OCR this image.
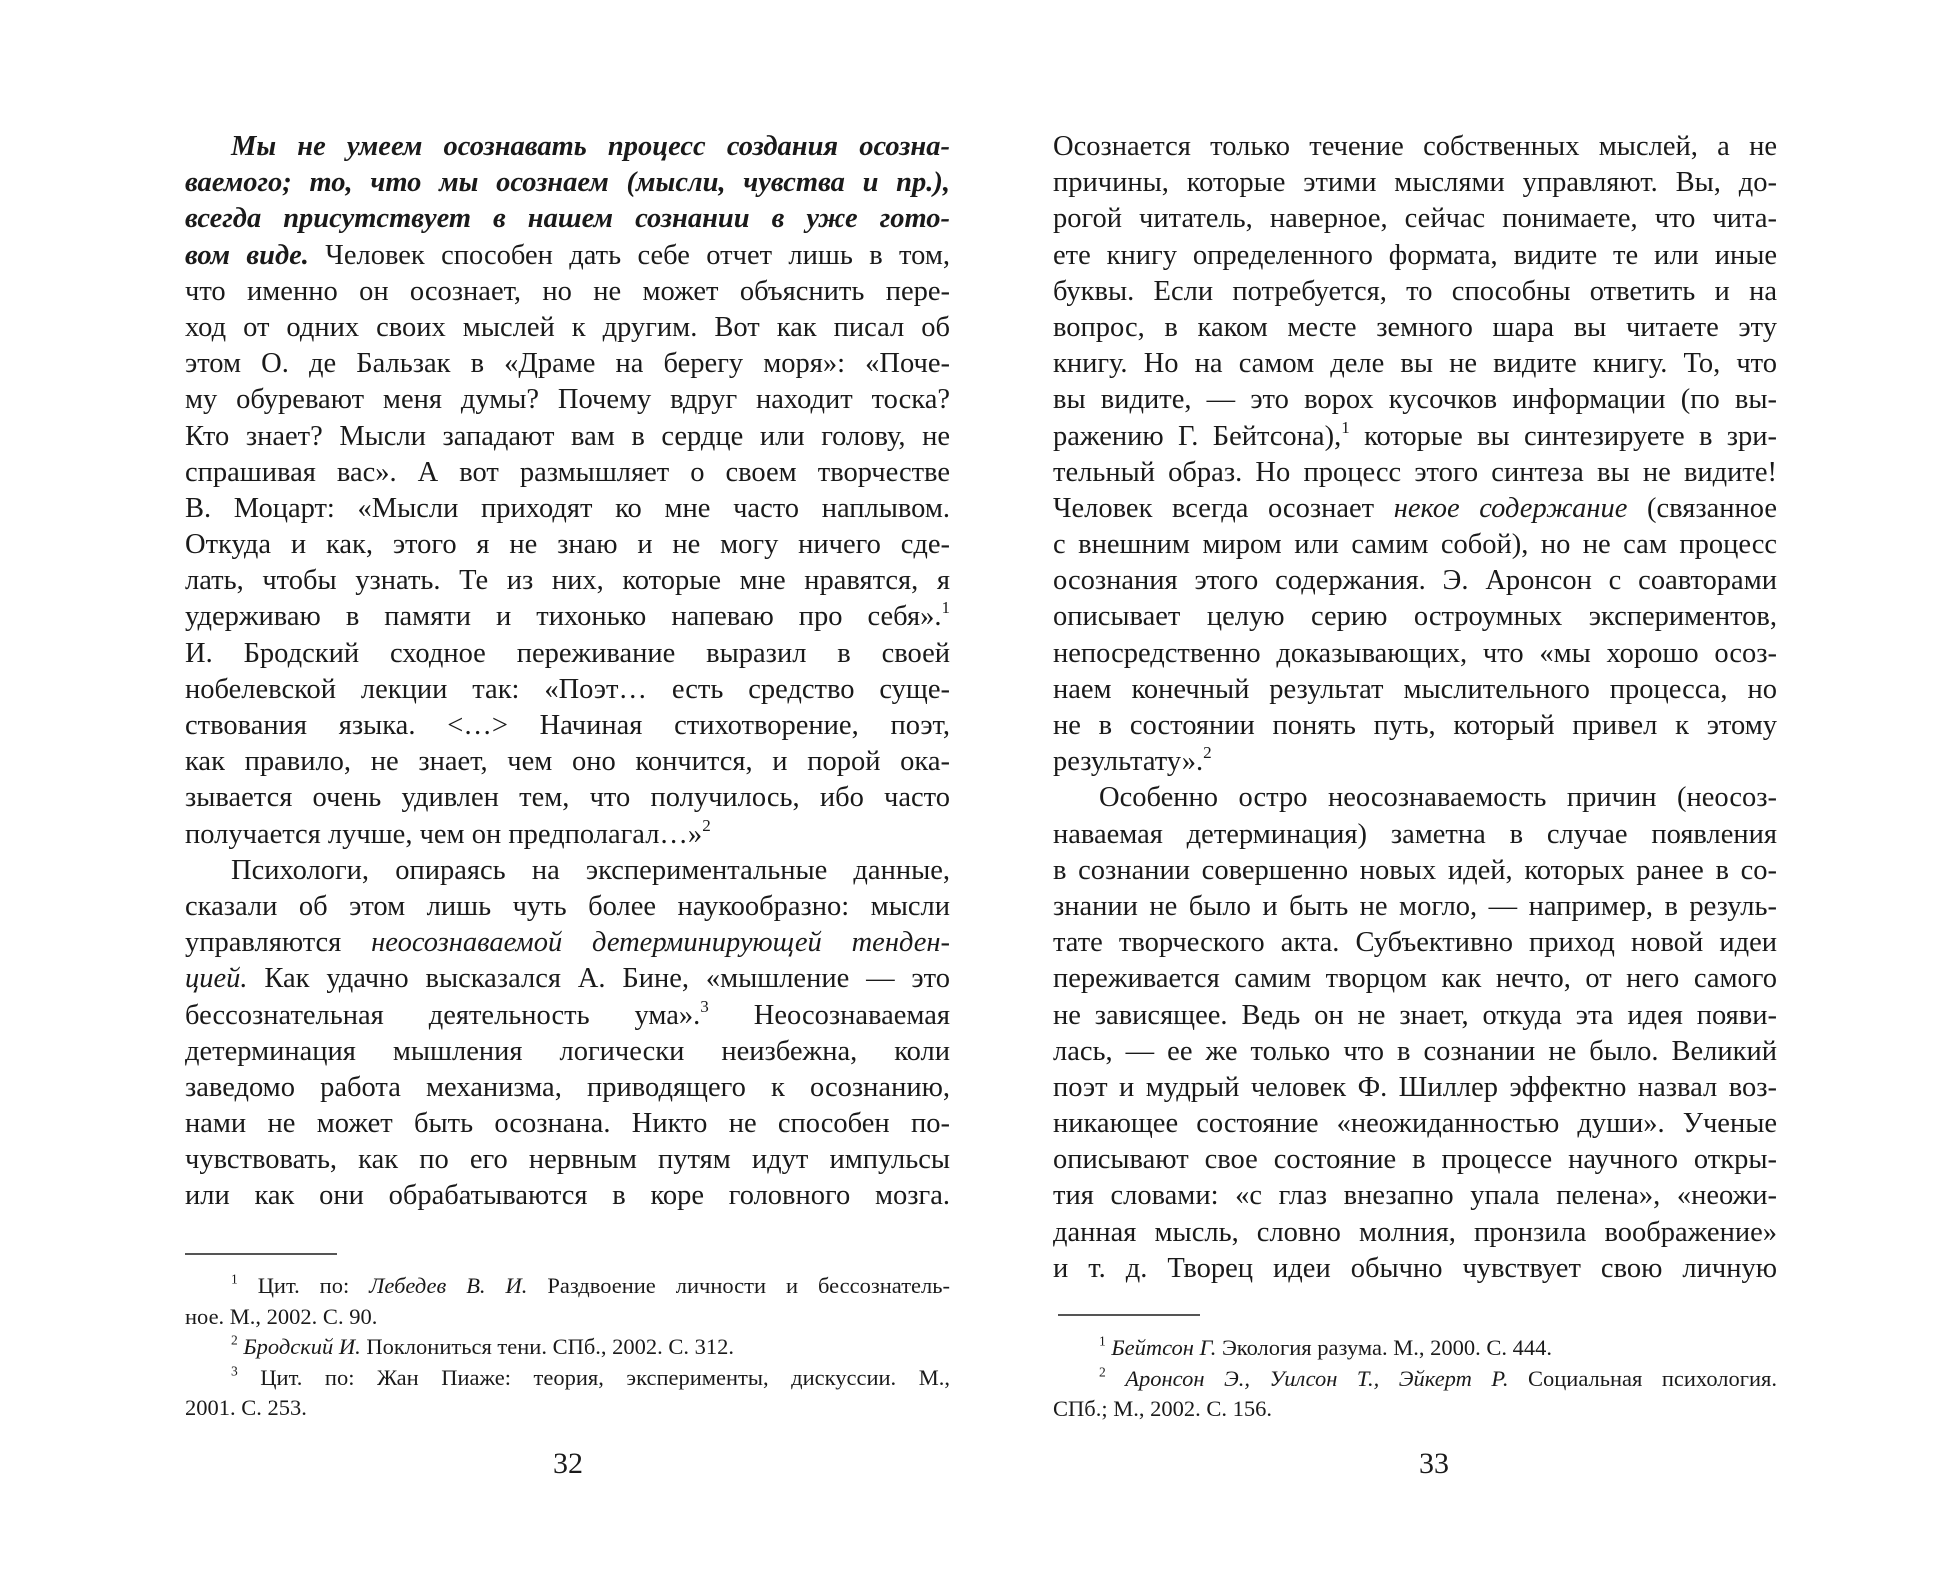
Мы не умеем осознавать процесс создания осозна-
ваемого; то, что мы осознаем (мысли, чувства и пр.),
всегда присутствует в нашем сознании в уже гото-
вом виде. Человек способен дать себе отчет лишь в том,
что именно он осознает, но не может объяснить пере-
ход от одних своих мыслей к другим. Вот как писал об
этом О. де Бальзак в «Драме на берегу моря»: «Поче-
му обуревают меня думы? Почему вдруг находит тоска?
Кто знает? Мысли западают вам в сердце или голову, не
спрашивая вас». А вот размышляет о своем творчестве
В. Моцарт: «Мысли приходят ко мне часто наплывом.
Откуда и как, этого я не знаю и не могу ничего сде-
лать, чтобы узнать. Те из них, которые мне нравятся, я
удерживаю в памяти и тихонько напеваю про себя».$^1$
И. Бродский сходное переживание выразил в своей
нобелевской лекции так: «Поэт… есть средство суще-
ствования языка. <…> Начиная стихотворение, поэт,
как правило, не знает, чем оно кончится, и порой ока-
зывается очень удивлен тем, что получилось, ибо часто
получается лучше, чем он предполагал…»$^2$
Психологи, опираясь на экспериментальные данные,
сказали об этом лишь чуть более наукообразно: мысли
управляются неосознаваемой детерминирующей тенден-
цией. Как удачно высказался А. Бине, «мышление — это
бессознательная деятельность ума».$^3$ Неосознаваемая
детерминация мышления логически неизбежна, коли
заведомо работа механизма, приводящего к осознанию,
нами не может быть осознана. Никто не способен по-
чувствовать, как по его нервным путям идут импульсы
или как они обрабатываются в коре головного мозга.
$^1$ Цит. по: Лебедев В. И. Раздвоение личности и бессознатель-
ное. М., 2002. С. 90.
$^2$ Бродский И. Поклониться тени. СПб., 2002. С. 312.
$^3$ Цит. по: Жан Пиаже: теория, эксперименты, дискуссии. М.,
2001. С. 253.
32
Осознается только течение собственных мыслей, а не
причины, которые этими мыслями управляют. Вы, до-
рогой читатель, наверное, сейчас понимаете, что чита-
ете книгу определенного формата, видите те или иные
буквы. Если потребуется, то способны ответить и на
вопрос, в каком месте земного шара вы читаете эту
книгу. Но на самом деле вы не видите книгу. То, что
вы видите, — это ворох кусочков информации (по вы-
ражению Г. Бейтсона),$^1$ которые вы синтезируете в зри-
тельный образ. Но процесс этого синтеза вы не видите!
Человек всегда осознает некое содержание (связанное
с внешним миром или самим собой), но не сам процесс
осознания этого содержания. Э. Аронсон с соавторами
описывает целую серию остроумных экспериментов,
непосредственно доказывающих, что «мы хорошо осоз-
наем конечный результат мыслительного процесса, но
не в состоянии понять путь, который привел к этому
результату».$^2$
Особенно остро неосознаваемость причин (неосоз-
наваемая детерминация) заметна в случае появления
в сознании совершенно новых идей, которых ранее в со-
знании не было и быть не могло, — например, в резуль-
тате творческого акта. Субъективно приход новой идеи
переживается самим творцом как нечто, от него самого
не зависящее. Ведь он не знает, откуда эта идея появи-
лась, — ее же только что в сознании не было. Великий
поэт и мудрый человек Ф. Шиллер эффектно назвал воз-
никающее состояние «неожиданностью души». Ученые
описывают свое состояние в процессе научного откры-
тия словами: «с глаз внезапно упала пелена», «неожи-
данная мысль, словно молния, пронзила воображение»
и т. д. Творец идеи обычно чувствует свою личную
$^1$ Бейтсон Г. Экология разума. М., 2000. С. 444.
$^2$ Аронсон Э., Уилсон Т., Эйкерт Р. Социальная психология.
СПб.; М., 2002. С. 156.
33
